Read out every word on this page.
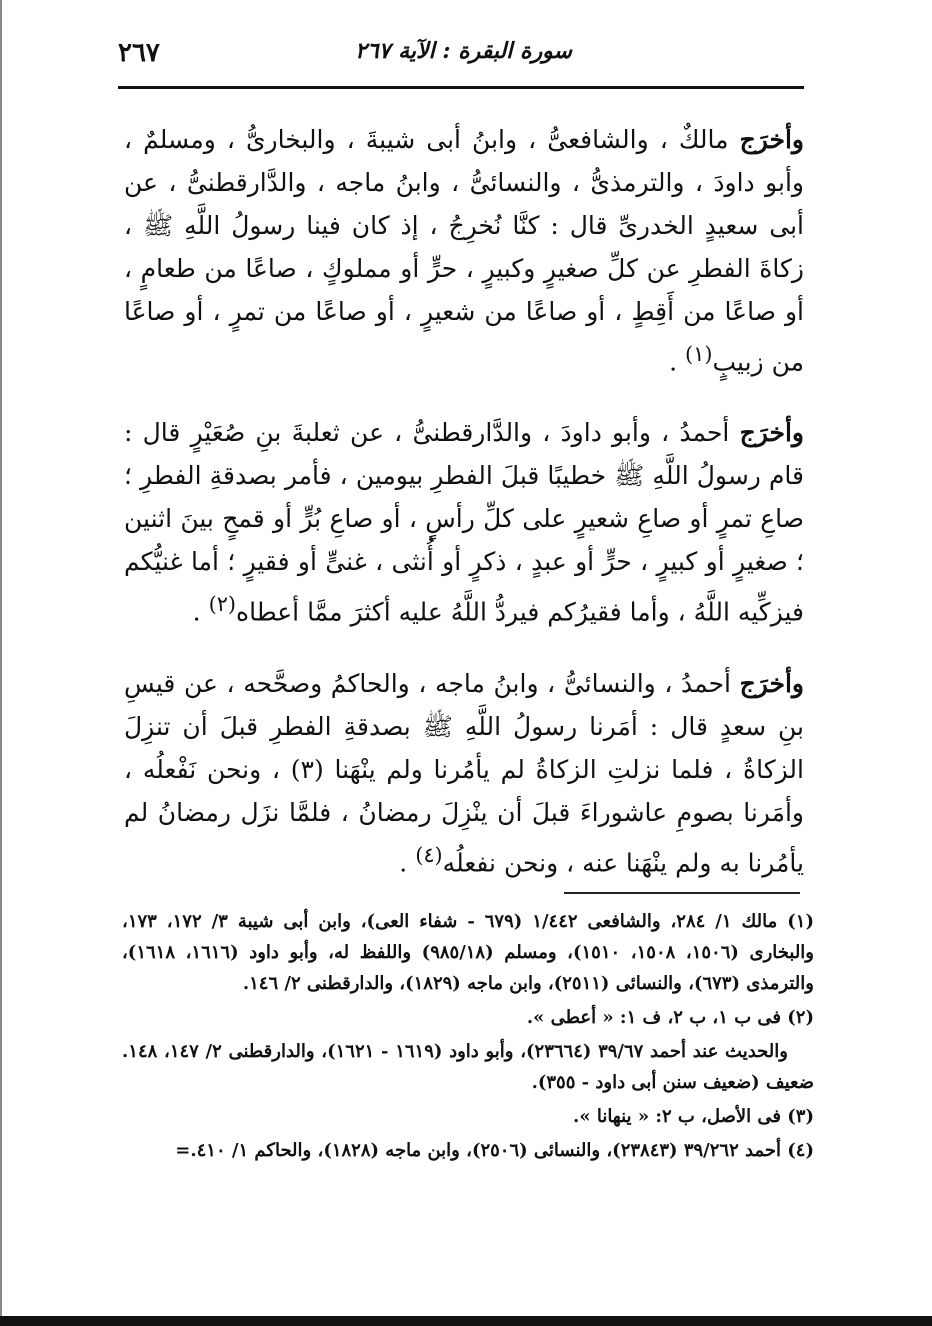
٢٦٧	سورة البقرة : الآية ٢٦٧

وأخرَج مالكٌ ، والشافعىُّ ، وابنُ أبى شيبةَ ، والبخارىُّ ، ومسلمٌ ، وأبو داودَ ، والترمذىُّ ، والنسائىُّ ، وابنُ ماجه ، والدَّارقطنىُّ ، عن أبى سعيدٍ الخدرىِّ قال : كنَّا نُخرِجُ ، إذ كان فينا رسولُ اللَّهِ ﷺ ، زكاةَ الفطرِ عن كلِّ صغيرٍ وكبيرٍ ، حرٍّ أو مملوكٍ ، صاعًا من طعامٍ ، أو صاعًا من أَقِطٍ ، أو صاعًا من شعيرٍ ، أو صاعًا من تمرٍ ، أو صاعًا من زبيبٍ$^{(١)}$ .

وأخرَج أحمدُ ، وأبو داودَ ، والدَّارقطنىُّ ، عن ثعلبةَ بنِ صُعَيْرٍ قال : قام رسولُ اللَّهِ ﷺ خطيبًا قبلَ الفطرِ بيومين ، فأمر بصدقةِ الفطرِ ؛ صاعِ تمرٍ أو صاعِ شعيرٍ على كلِّ رأسٍ ، أو صاعِ بُرٍّ أو قمحٍ بينَ اثنين ؛ صغيرٍ أو كبيرٍ ، حرٍّ أو عبدٍ ، ذكرٍ أو أُنثى ، غنىٍّ أو فقيرٍ ؛ أما غنيُّكم فيزكِّيه اللَّهُ ، وأما فقيرُكم فيردُّ اللَّهُ عليه أكثرَ ممَّا أعطاه$^{(٢)}$ .

وأخرَج أحمدُ ، والنسائىُّ ، وابنُ ماجه ، والحاكمُ وصحَّحه ، عن قيسِ بنِ سعدٍ قال : أمَرنا رسولُ اللَّهِ ﷺ بصدقةِ الفطرِ قبلَ أن تنزِلَ الزكاةُ ، فلما نزلتِ الزكاةُ لم يأمُرنا ولم ينْهَنا (٣) ، ونحن نَفْعلُه ، وأمَرنا بصومِ عاشوراءَ قبلَ أن ينْزِلَ رمضانُ ، فلمَّا نزَل رمضانُ لم يأمُرنا به ولم ينْهَنا عنه ، ونحن نفعلُه$^{(٤)}$ .

(١) مالك ١/ ٢٨٤، والشافعى ١/٤٤٢ (٦٧٩ - شفاء العى)، وابن أبى شيبة ٣/ ١٧٢، ١٧٣، والبخارى (١٥٠٦، ١٥٠٨، ١٥١٠)، ومسلم (٩٨٥/١٨) واللفظ له، وأبو داود (١٦١٦، ١٦١٨)، والترمذى (٦٧٣)، والنسائى (٢٥١١)، وابن ماجه (١٨٢٩)، والدارقطنى ٢/ ١٤٦.

(٢) فى ب ١، ب ٢، ف ١: « أعطى ».

والحديث عند أحمد ٣٩/٦٧ (٢٣٦٦٤)، وأبو داود (١٦١٩ - ١٦٢١)، والدارقطنى ٢/ ١٤٧، ١٤٨. ضعيف (ضعيف سنن أبى داود - ٣٥٥).

(٣) فى الأصل، ب ٢: « ينهانا ».

(٤) أحمد ٣٩/٢٦٢ (٢٣٨٤٣)، والنسائى (٢٥٠٦)، وابن ماجه (١٨٢٨)، والحاكم ١/ ٤١٠.=
